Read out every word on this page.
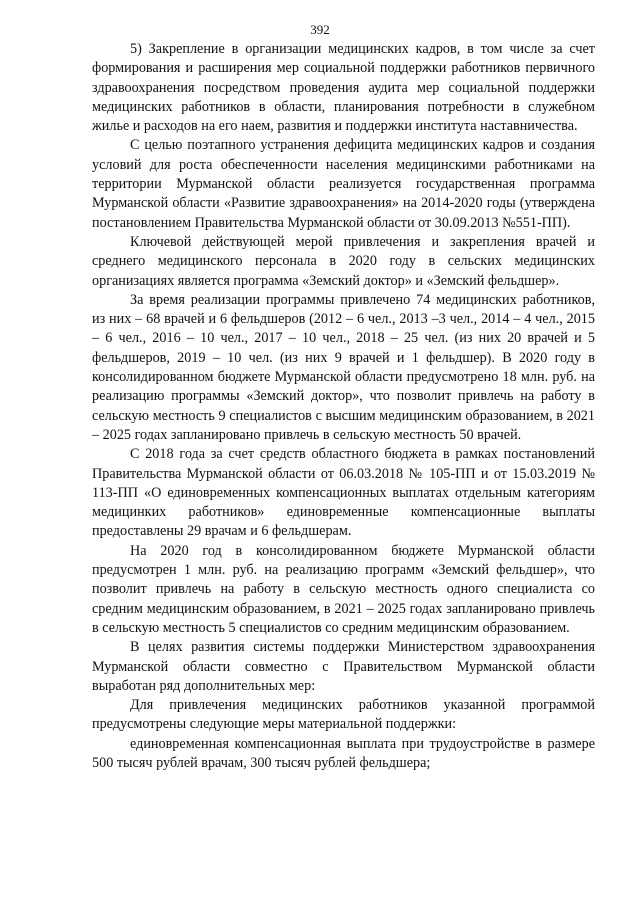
392

5) Закрепление в организации медицинских кадров, в том числе за счет формирования и расширения мер социальной поддержки работников первичного здравоохранения посредством проведения аудита мер социальной поддержки медицинских работников в области, планирования потребности в служебном жилье и расходов на его наем, развития и поддержки института наставничества.

С целью поэтапного устранения дефицита медицинских кадров и создания условий для роста обеспеченности населения медицинскими работниками на территории Мурманской области реализуется государственная программа Мурманской области «Развитие здравоохранения» на 2014-2020 годы (утверждена постановлением Правительства Мурманской области от 30.09.2013 №551-ПП).

Ключевой действующей мерой привлечения и закрепления врачей и среднего медицинского персонала в 2020 году в сельских медицинских организациях является программа «Земский доктор» и «Земский фельдшер».

За время реализации программы привлечено 74 медицинских работников, из них – 68 врачей и 6 фельдшеров (2012 – 6 чел., 2013 –3 чел., 2014 – 4 чел., 2015 – 6 чел., 2016 – 10 чел., 2017 – 10 чел., 2018 – 25 чел. (из них 20 врачей и 5 фельдшеров, 2019 – 10 чел. (из них 9 врачей и 1 фельдшер). В 2020 году в консолидированном бюджете Мурманской области предусмотрено 18 млн. руб. на реализацию программы «Земский доктор», что позволит привлечь на работу в сельскую местность 9 специалистов с высшим медицинским образованием, в 2021 – 2025 годах запланировано привлечь в сельскую местность 50 врачей.

С 2018 года за счет средств областного бюджета в рамках постановлений Правительства Мурманской области от 06.03.2018 № 105-ПП и от 15.03.2019 № 113-ПП «О единовременных компенсационных выплатах отдельным категориям медицинких работников» единовременные компенсационные выплаты предоставлены 29 врачам и 6 фельдшерам.

На 2020 год в консолидированном бюджете Мурманской области предусмотрен 1 млн. руб. на реализацию программ «Земский фельдшер», что позволит привлечь на работу в сельскую местность одного специалиста со средним медицинским образованием, в 2021 – 2025 годах запланировано привлечь в сельскую местность 5 специалистов со средним медицинским образованием.

В целях развития системы поддержки Министерством здравоохранения Мурманской области совместно с Правительством Мурманской области выработан ряд дополнительных мер:

Для привлечения медицинских работников указанной программой предусмотрены следующие меры материальной поддержки:

единовременная компенсационная выплата при трудоустройстве в размере 500 тысяч рублей врачам, 300 тысяч рублей фельдшера;
